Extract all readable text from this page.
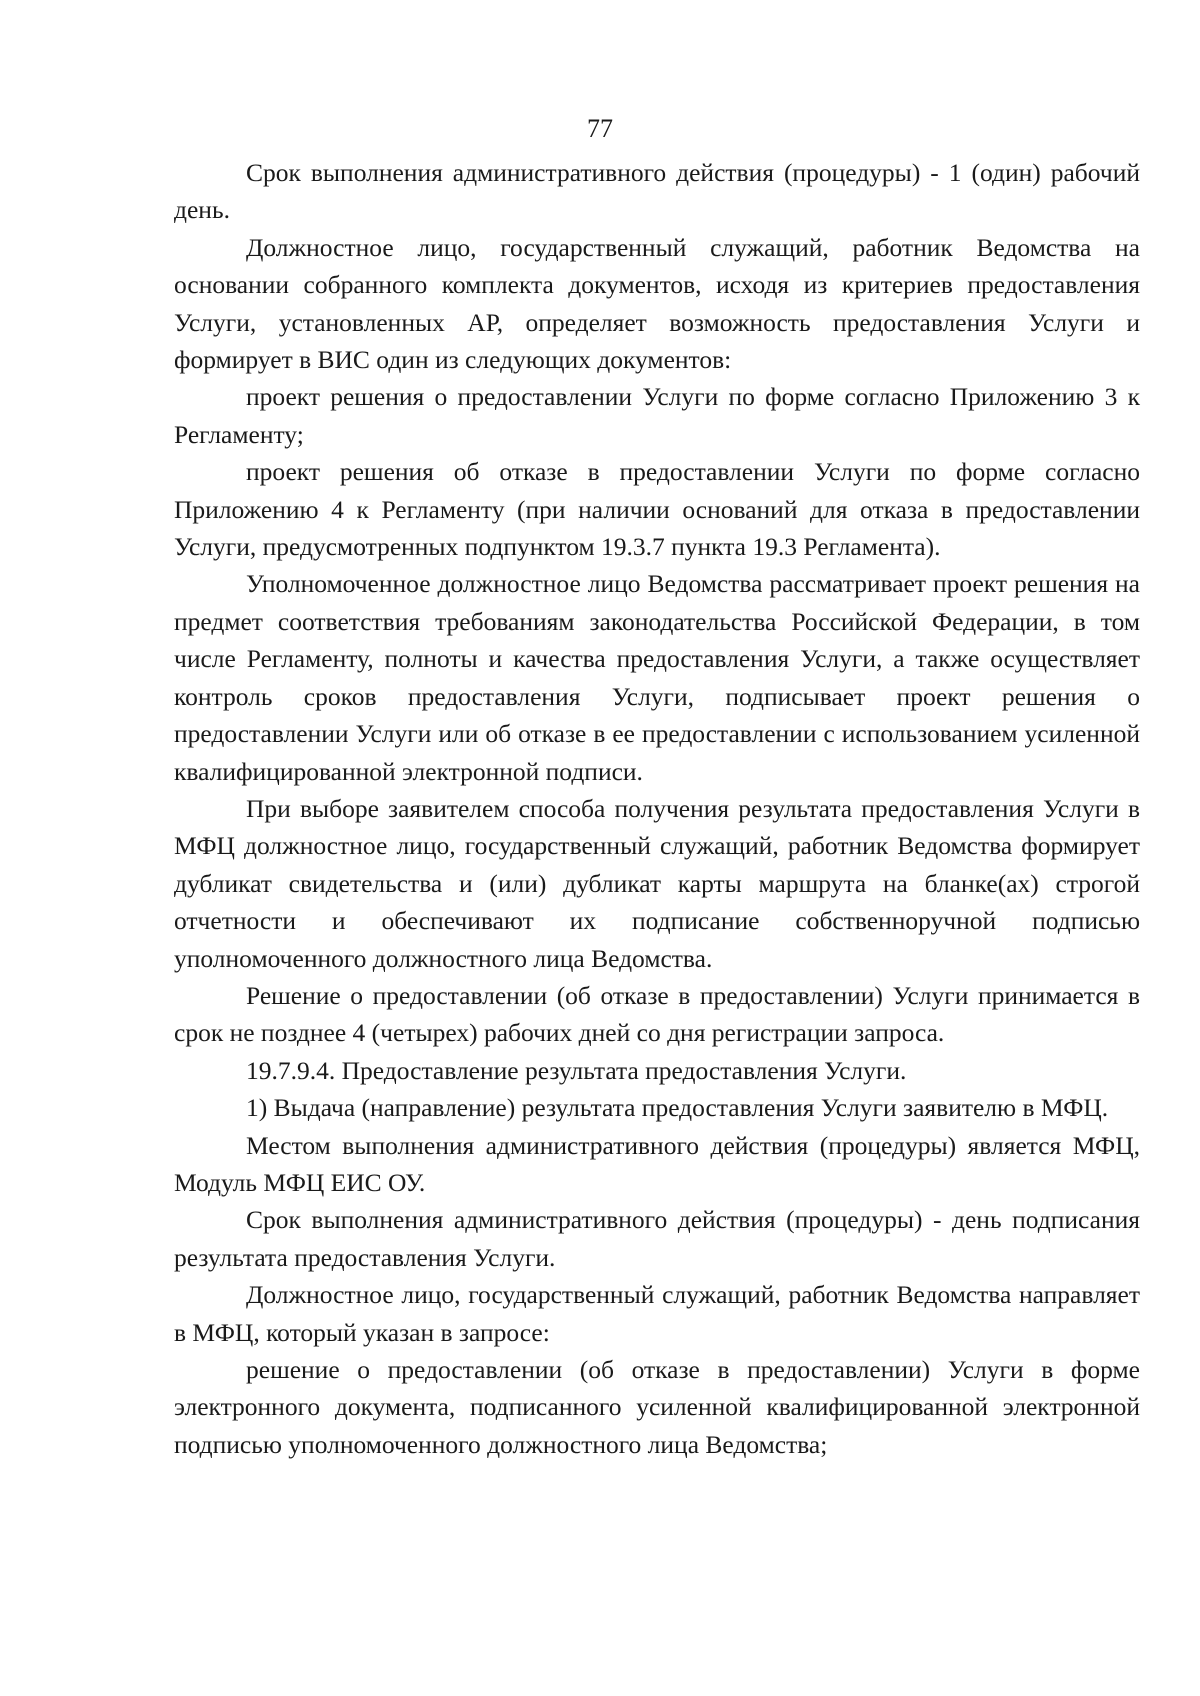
77

Срок выполнения административного действия (процедуры) - 1 (один) рабочий день.

Должностное лицо, государственный служащий, работник Ведомства на основании собранного комплекта документов, исходя из критериев предоставления Услуги, установленных АР, определяет возможность предоставления Услуги и формирует в ВИС один из следующих документов:

проект решения о предоставлении Услуги по форме согласно Приложению 3 к Регламенту;

проект решения об отказе в предоставлении Услуги по форме согласно Приложению 4 к Регламенту (при наличии оснований для отказа в предоставлении Услуги, предусмотренных подпунктом 19.3.7 пункта 19.3 Регламента).

Уполномоченное должностное лицо Ведомства рассматривает проект решения на предмет соответствия требованиям законодательства Российской Федерации, в том числе Регламенту, полноты и качества предоставления Услуги, а также осуществляет контроль сроков предоставления Услуги, подписывает проект решения о предоставлении Услуги или об отказе в ее предоставлении с использованием усиленной квалифицированной электронной подписи.

При выборе заявителем способа получения результата предоставления Услуги в МФЦ должностное лицо, государственный служащий, работник Ведомства формирует дубликат свидетельства и (или) дубликат карты маршрута на бланке(ах) строгой отчетности и обеспечивают их подписание собственноручной подписью уполномоченного должностного лица Ведомства.

Решение о предоставлении (об отказе в предоставлении) Услуги принимается в срок не позднее 4 (четырех) рабочих дней со дня регистрации запроса.

19.7.9.4. Предоставление результата предоставления Услуги.

1) Выдача (направление) результата предоставления Услуги заявителю в МФЦ.

Местом выполнения административного действия (процедуры) является МФЦ, Модуль МФЦ ЕИС ОУ.

Срок выполнения административного действия (процедуры) - день подписания результата предоставления Услуги.

Должностное лицо, государственный служащий, работник Ведомства направляет в МФЦ, который указан в запросе:

решение о предоставлении (об отказе в предоставлении) Услуги в форме электронного документа, подписанного усиленной квалифицированной электронной подписью уполномоченного должностного лица Ведомства;
